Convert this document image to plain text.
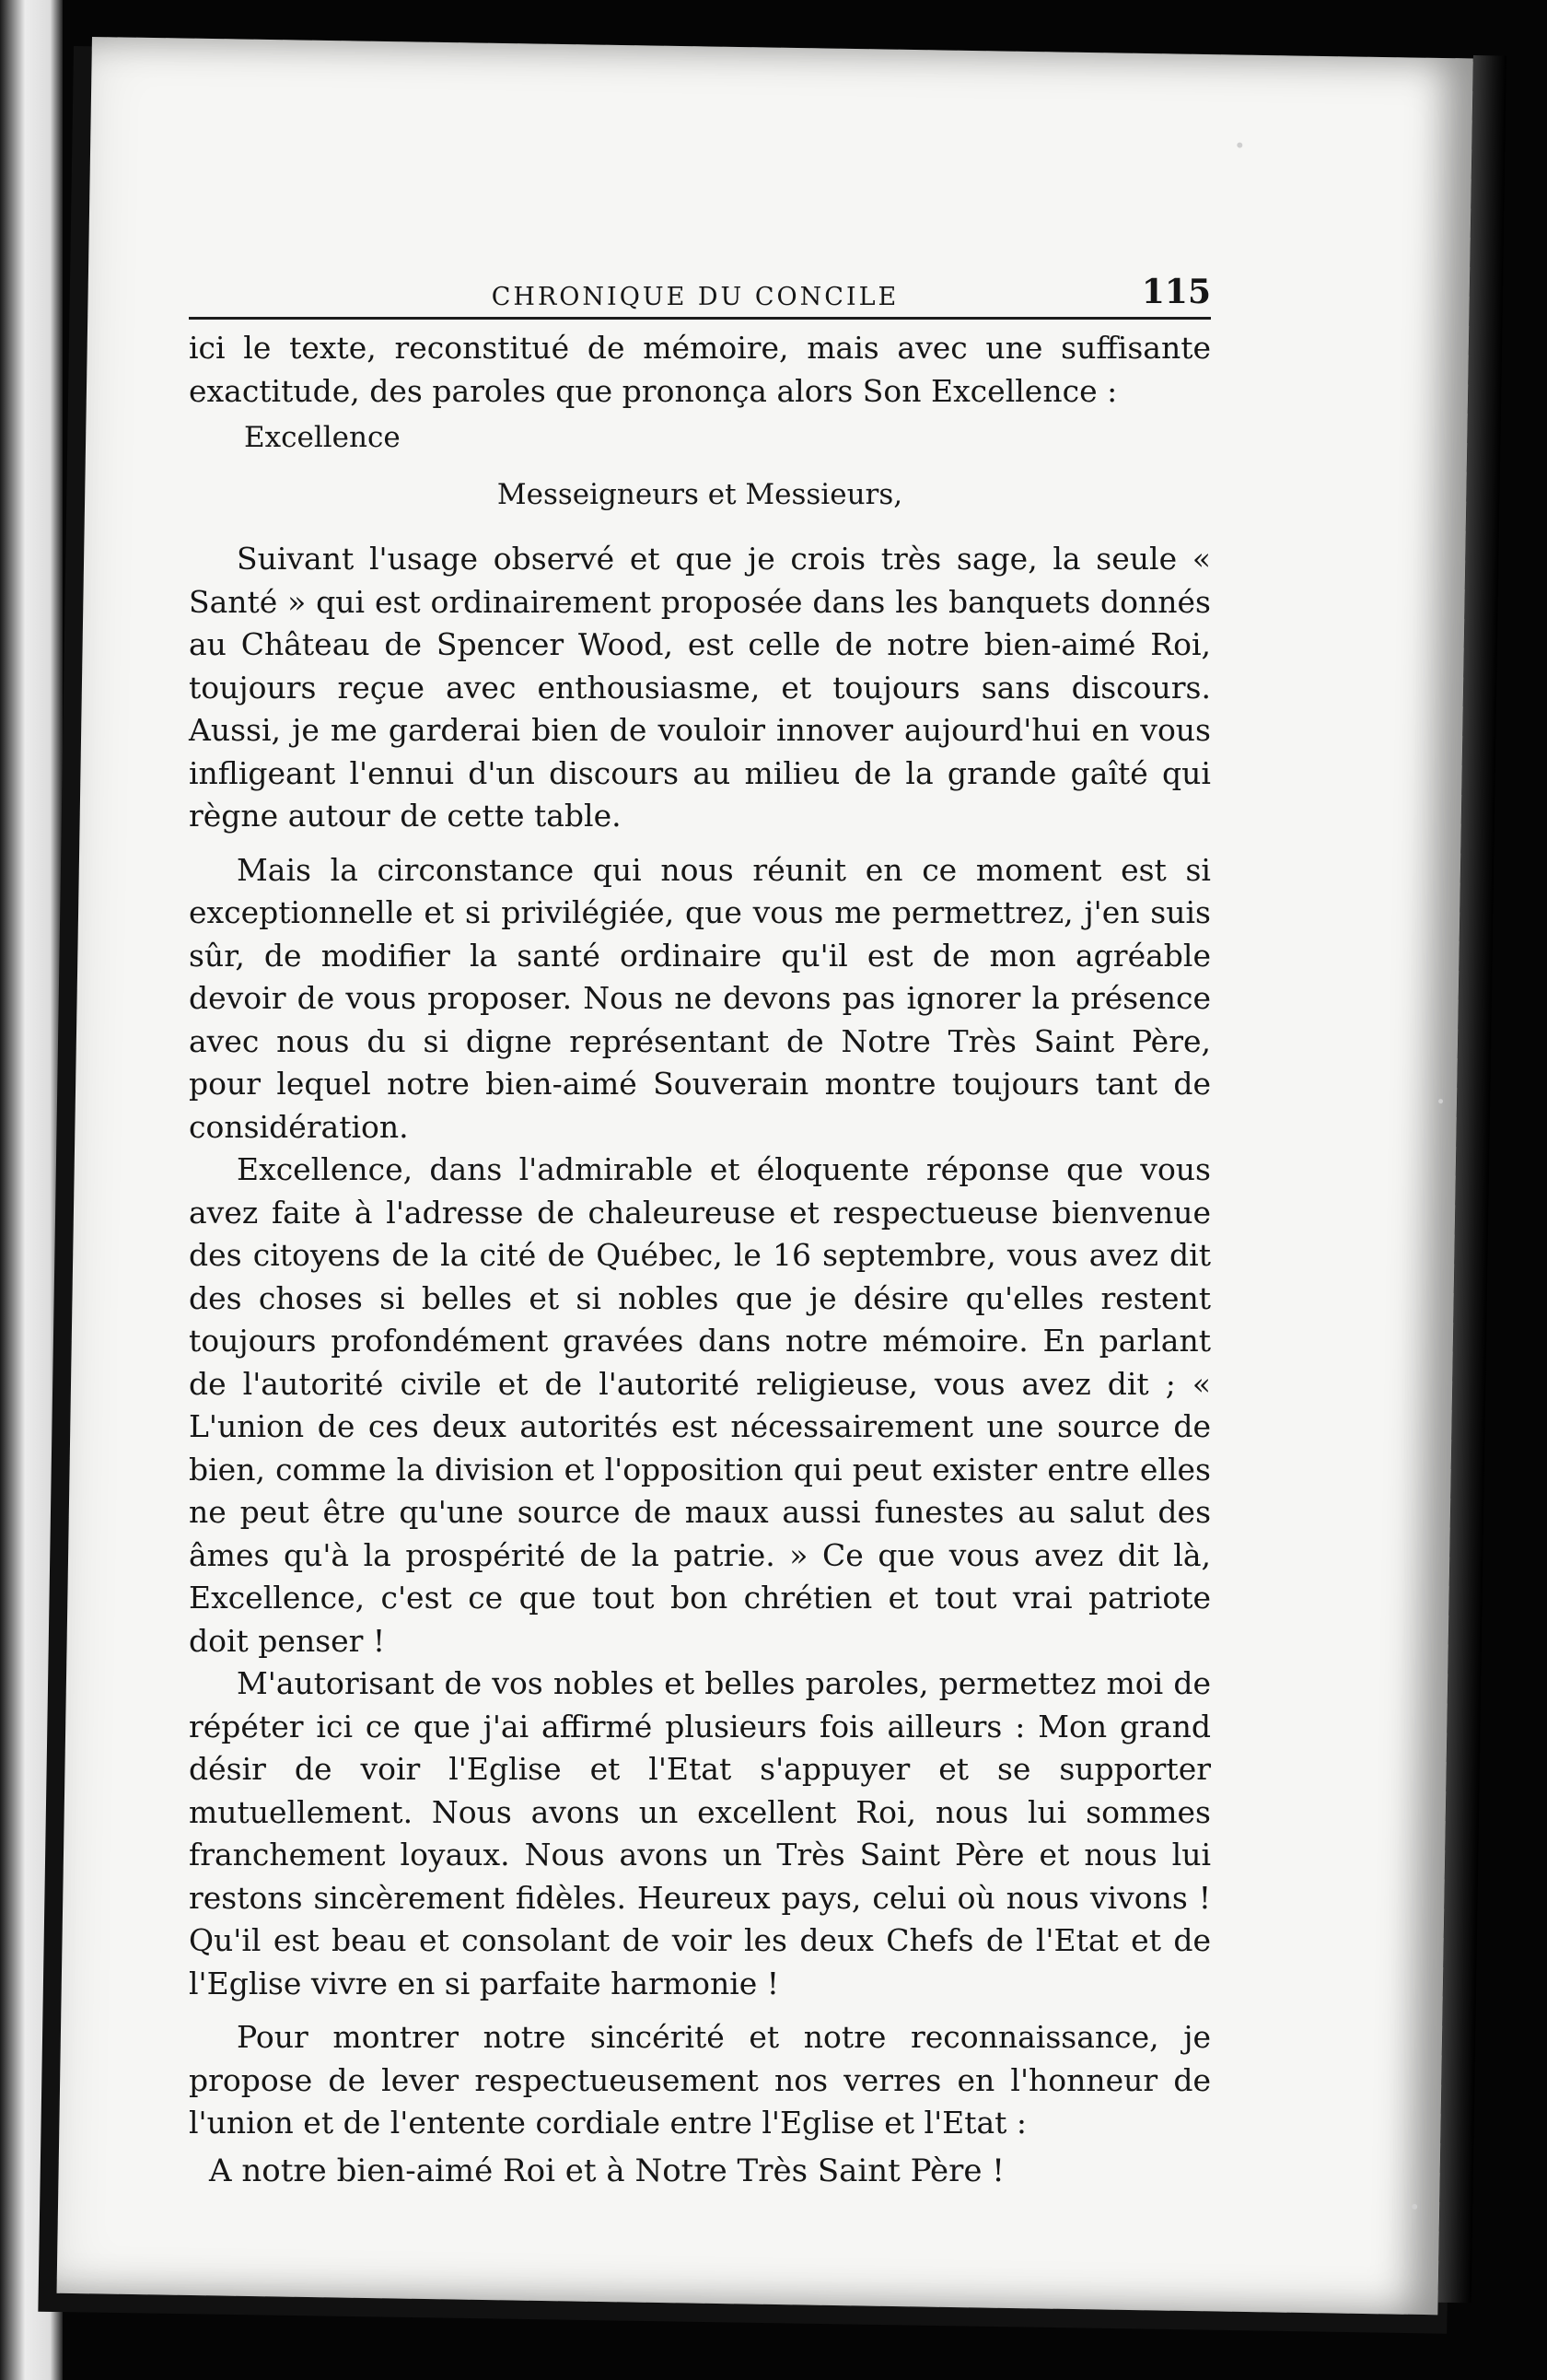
CHRONIQUE DU CONCILE	115

ici le texte, reconstitué de mémoire, mais avec une suffisante exactitude, des paroles que prononça alors Son Excellence :

Excellence

Messeigneurs et Messieurs,

Suivant l'usage observé et que je crois très sage, la seule « Santé » qui est ordinairement proposée dans les banquets donnés au Château de Spencer Wood, est celle de notre bien-aimé Roi, toujours reçue avec enthousiasme, et toujours sans discours. Aussi, je me garderai bien de vouloir innover aujourd'hui en vous infligeant l'ennui d'un discours au milieu de la grande gaîté qui règne autour de cette table.

Mais la circonstance qui nous réunit en ce moment est si exceptionnelle et si privilégiée, que vous me permettrez, j'en suis sûr, de modifier la santé ordinaire qu'il est de mon agréable devoir de vous proposer. Nous ne devons pas ignorer la présence avec nous du si digne représentant de Notre Très Saint Père, pour lequel notre bien-aimé Souverain montre toujours tant de considération.

Excellence, dans l'admirable et éloquente réponse que vous avez faite à l'adresse de chaleureuse et respectueuse bienvenue des citoyens de la cité de Québec, le 16 septembre, vous avez dit des choses si belles et si nobles que je désire qu'elles restent toujours profondément gravées dans notre mémoire. En parlant de l'autorité civile et de l'autorité religieuse, vous avez dit ; « L'union de ces deux autorités est nécessairement une source de bien, comme la division et l'opposition qui peut exister entre elles ne peut être qu'une source de maux aussi funestes au salut des âmes qu'à la prospérité de la patrie. » Ce que vous avez dit là, Excellence, c'est ce que tout bon chrétien et tout vrai patriote doit penser !

M'autorisant de vos nobles et belles paroles, permettez moi de répéter ici ce que j'ai affirmé plusieurs fois ailleurs : Mon grand désir de voir l'Eglise et l'Etat s'appuyer et se supporter mutuellement. Nous avons un excellent Roi, nous lui sommes franchement loyaux. Nous avons un Très Saint Père et nous lui restons sincèrement fidèles. Heureux pays, celui où nous vivons ! Qu'il est beau et consolant de voir les deux Chefs de l'Etat et de l'Eglise vivre en si parfaite harmonie !

Pour montrer notre sincérité et notre reconnaissance, je propose de lever respectueusement nos verres en l'honneur de l'union et de l'entente cordiale entre l'Eglise et l'Etat :

A notre bien-aimé Roi et à Notre Très Saint Père !
